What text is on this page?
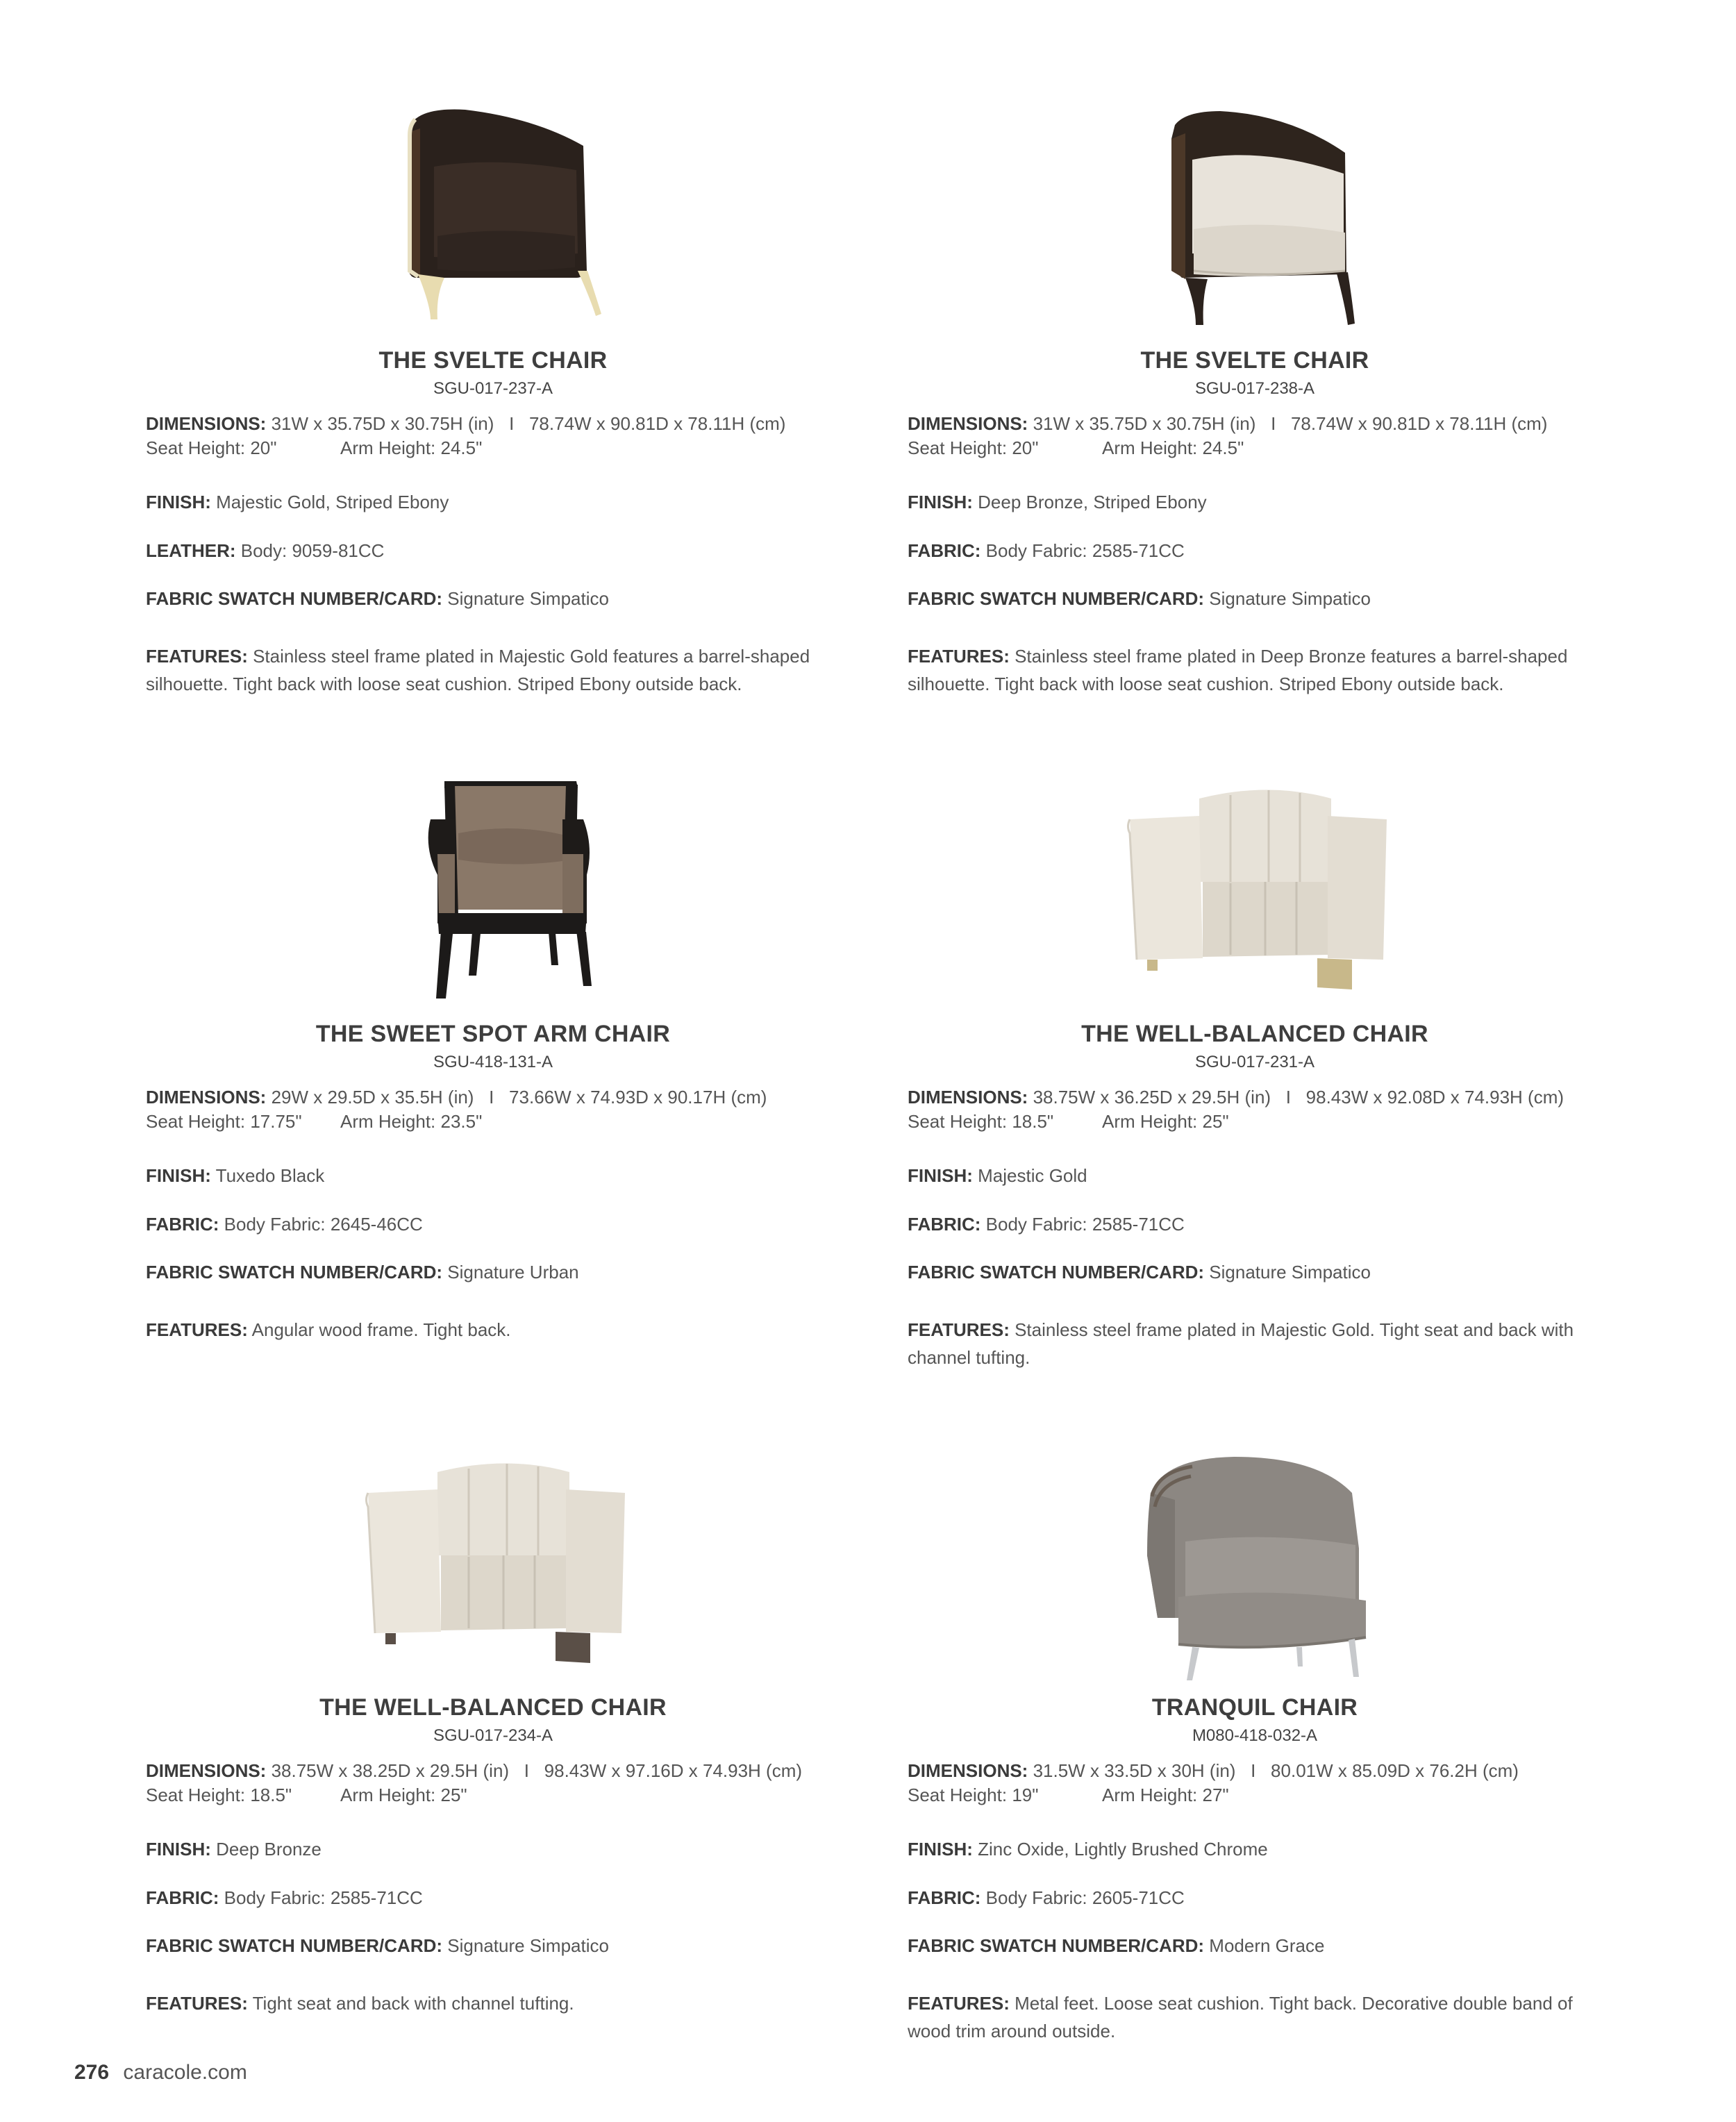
THE SVELTE CHAIR
SGU-017-237-A
DIMENSIONS: 31W x 35.75D x 30.75H (in) I 78.74W x 90.81D x 78.11H (cm)
Seat Height: 20"	Arm Height: 24.5"
FINISH: Majestic Gold, Striped Ebony
LEATHER: Body: 9059-81CC
FABRIC SWATCH NUMBER/CARD: Signature Simpatico
FEATURES: Stainless steel frame plated in Majestic Gold features a barrel-shaped silhouette. Tight back with loose seat cushion. Striped Ebony outside back.
THE SVELTE CHAIR
SGU-017-238-A
DIMENSIONS: 31W x 35.75D x 30.75H (in) I 78.74W x 90.81D x 78.11H (cm)
Seat Height: 20"	Arm Height: 24.5"
FINISH: Deep Bronze, Striped Ebony
FABRIC: Body Fabric: 2585-71CC
FABRIC SWATCH NUMBER/CARD: Signature Simpatico
FEATURES: Stainless steel frame plated in Deep Bronze features a barrel-shaped silhouette. Tight back with loose seat cushion. Striped Ebony outside back.
THE SWEET SPOT ARM CHAIR
SGU-418-131-A
DIMENSIONS: 29W x 29.5D x 35.5H (in) I 73.66W x 74.93D x 90.17H (cm)
Seat Height: 17.75" Arm Height: 23.5"
FINISH: Tuxedo Black
FABRIC: Body Fabric: 2645-46CC
FABRIC SWATCH NUMBER/CARD: Signature Urban
FEATURES: Angular wood frame. Tight back.
THE WELL-BALANCED CHAIR
SGU-017-231-A
DIMENSIONS: 38.75W x 36.25D x 29.5H (in) I 98.43W x 92.08D x 74.93H (cm)
Seat Height: 18.5"	Arm Height: 25"
FINISH: Majestic Gold
FABRIC: Body Fabric: 2585-71CC
FABRIC SWATCH NUMBER/CARD: Signature Simpatico
FEATURES: Stainless steel frame plated in Majestic Gold. Tight seat and back with channel tufting.
THE WELL-BALANCED CHAIR
SGU-017-234-A
DIMENSIONS: 38.75W x 38.25D x 29.5H (in) I 98.43W x 97.16D x 74.93H (cm)
Seat Height: 18.5"	Arm Height: 25"
FINISH: Deep Bronze
FABRIC: Body Fabric: 2585-71CC
FABRIC SWATCH NUMBER/CARD: Signature Simpatico
FEATURES: Tight seat and back with channel tufting.
TRANQUIL CHAIR
M080-418-032-A
DIMENSIONS: 31.5W x 33.5D x 30H (in) I 80.01W x 85.09D x 76.2H (cm)
Seat Height: 19"	Arm Height: 27"
FINISH: Zinc Oxide, Lightly Brushed Chrome
FABRIC: Body Fabric: 2605-71CC
FABRIC SWATCH NUMBER/CARD: Modern Grace
FEATURES: Metal feet. Loose seat cushion. Tight back. Decorative double band of wood trim around outside.
276 caracole.com
